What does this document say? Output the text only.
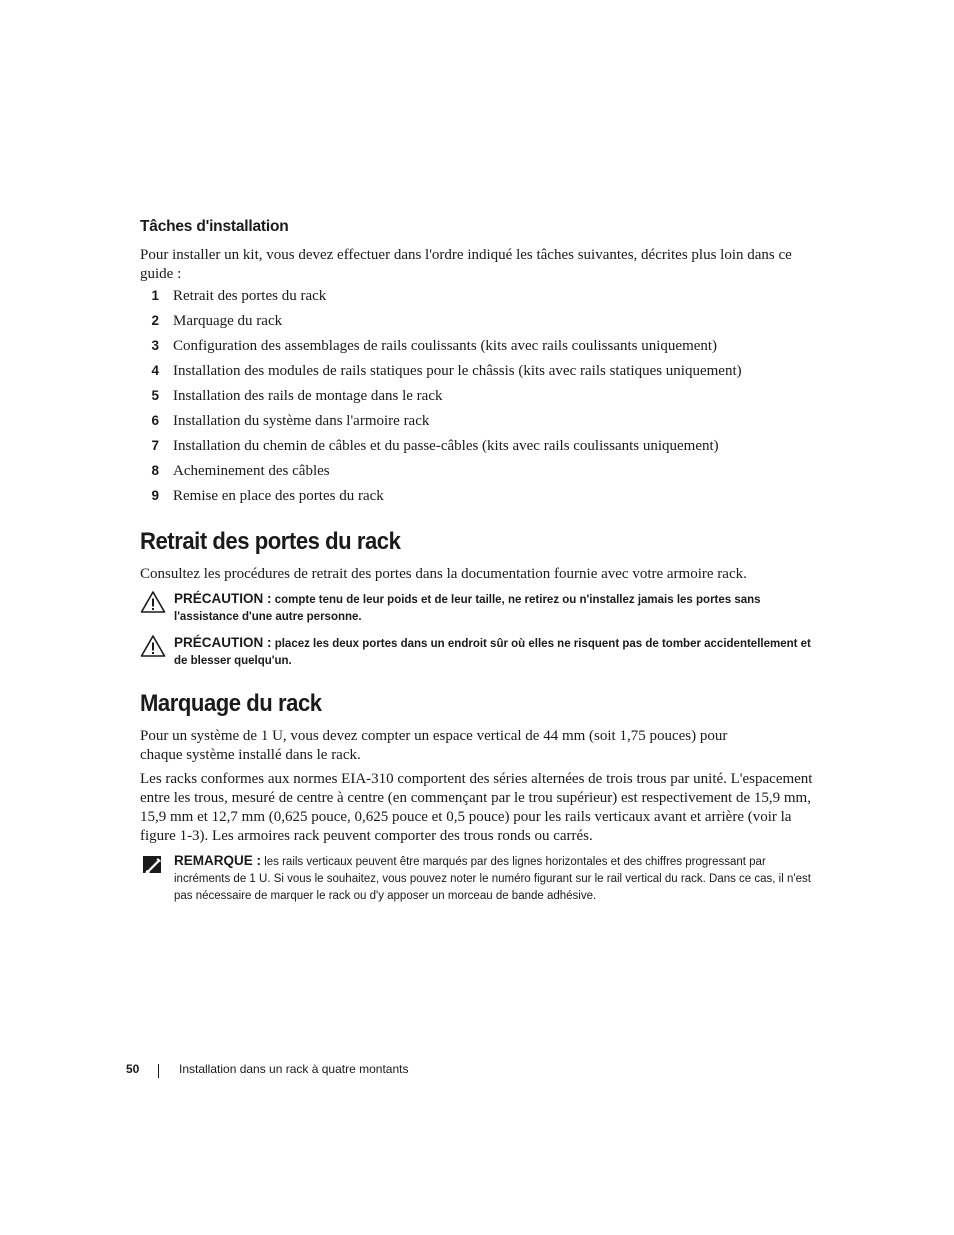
Tâches d'installation
Pour installer un kit, vous devez effectuer dans l'ordre indiqué les tâches suivantes, décrites plus loin dans ce guide :
1 Retrait des portes du rack
2 Marquage du rack
3 Configuration des assemblages de rails coulissants (kits avec rails coulissants uniquement)
4 Installation des modules de rails statiques pour le châssis (kits avec rails statiques uniquement)
5 Installation des rails de montage dans le rack
6 Installation du système dans l'armoire rack
7 Installation du chemin de câbles et du passe-câbles (kits avec rails coulissants uniquement)
8 Acheminement des câbles
9 Remise en place des portes du rack
Retrait des portes du rack
Consultez les procédures de retrait des portes dans la documentation fournie avec votre armoire rack.
PRÉCAUTION : compte tenu de leur poids et de leur taille, ne retirez ou n'installez jamais les portes sans l'assistance d'une autre personne.
PRÉCAUTION : placez les deux portes dans un endroit sûr où elles ne risquent pas de tomber accidentellement et de blesser quelqu'un.
Marquage du rack
Pour un système de 1 U, vous devez compter un espace vertical de 44 mm (soit 1,75 pouces) pour chaque système installé dans le rack.
Les racks conformes aux normes EIA-310 comportent des séries alternées de trois trous par unité. L'espacement entre les trous, mesuré de centre à centre (en commençant par le trou supérieur) est respectivement de 15,9 mm, 15,9 mm et 12,7 mm (0,625 pouce, 0,625 pouce et 0,5 pouce) pour les rails verticaux avant et arrière (voir la figure 1-3). Les armoires rack peuvent comporter des trous ronds ou carrés.
REMARQUE : les rails verticaux peuvent être marqués par des lignes horizontales et des chiffres progressant par incréments de 1 U. Si vous le souhaitez, vous pouvez noter le numéro figurant sur le rail vertical du rack. Dans ce cas, il n'est pas nécessaire de marquer le rack ou d'y apposer un morceau de bande adhésive.
50	Installation dans un rack à quatre montants
